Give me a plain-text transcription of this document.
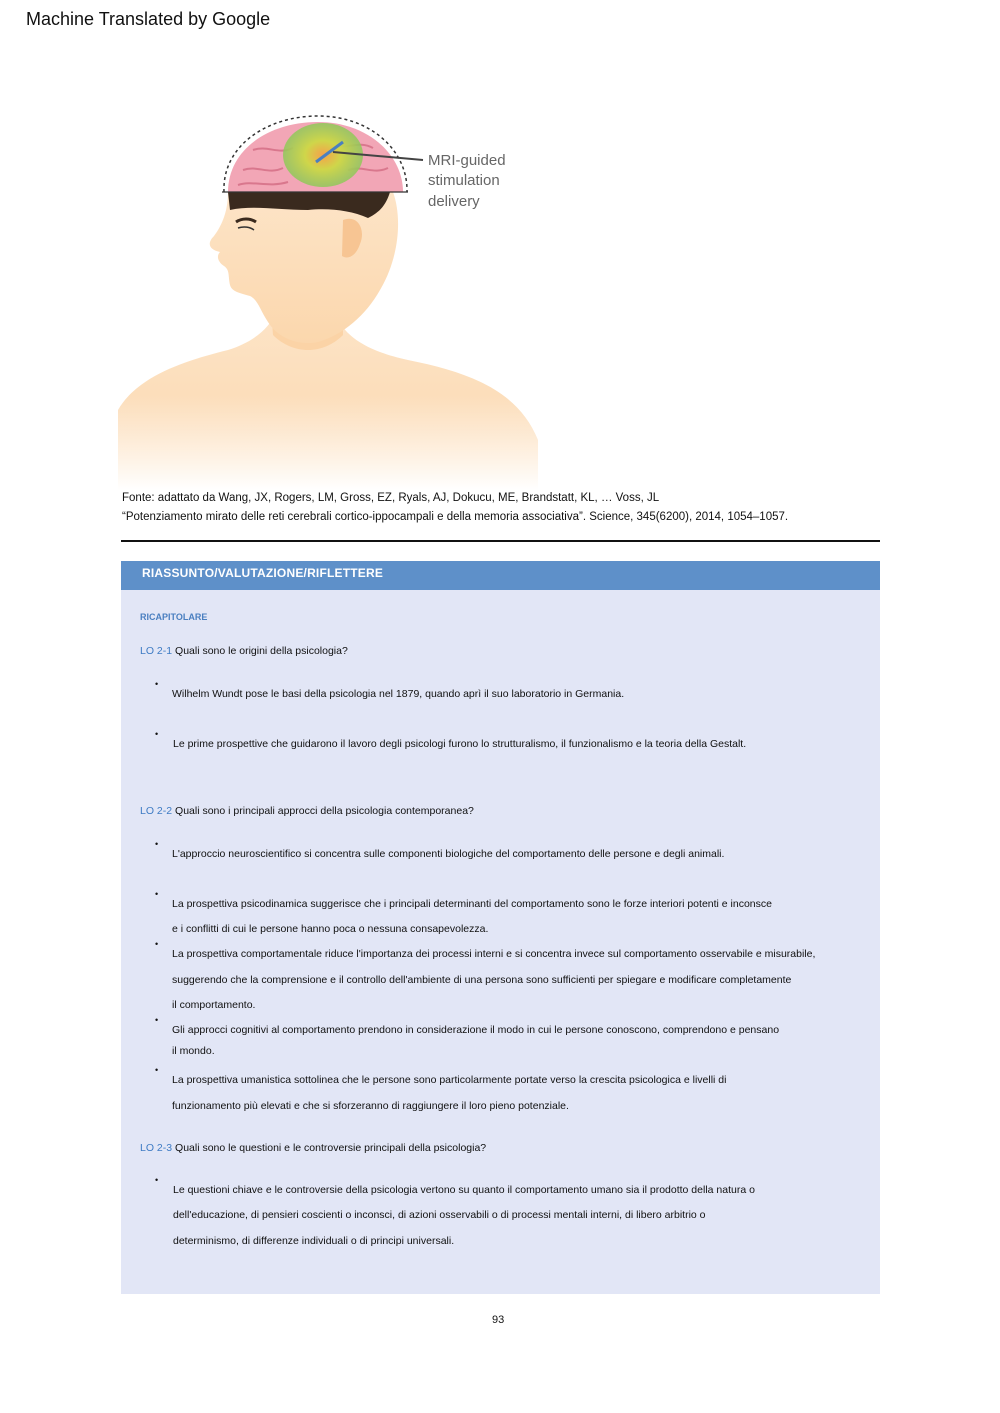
Machine Translated by Google
Fonte: adattato da Wang, JX, Rogers, LM, Gross, EZ, Ryals, AJ, Dokucu, ME, Brandstatt, KL, … Voss, JL
“Potenziamento mirato delle reti cerebrali cortico-ippocampali e della memoria associativa”. Science, 345(6200), 2014, 1054–1057.
RIASSUNTO/VALUTAZIONE/RIFLETTERE
RICAPITOLARE
LO 2-1 Quali sono le origini della psicologia?
•
Wilhelm Wundt pose le basi della psicologia nel 1879, quando aprì il suo laboratorio in Germania.
•
Le prime prospettive che guidarono il lavoro degli psicologi furono lo strutturalismo, il funzionalismo e la teoria della Gestalt.
LO 2-2 Quali sono i principali approcci della psicologia contemporanea?
•
L'approccio neuroscientifico si concentra sulle componenti biologiche del comportamento delle persone e degli animali.
•
La prospettiva psicodinamica suggerisce che i principali determinanti del comportamento sono le forze interiori potenti e inconsce
e i conflitti di cui le persone hanno poca o nessuna consapevolezza.
•
La prospettiva comportamentale riduce l'importanza dei processi interni e si concentra invece sul comportamento osservabile e misurabile,
suggerendo che la comprensione e il controllo dell'ambiente di una persona sono sufficienti per spiegare e modificare completamente
il comportamento.
•
Gli approcci cognitivi al comportamento prendono in considerazione il modo in cui le persone conoscono, comprendono e pensano
il mondo.
•
La prospettiva umanistica sottolinea che le persone sono particolarmente portate verso la crescita psicologica e livelli di
funzionamento più elevati e che si sforzeranno di raggiungere il loro pieno potenziale.
LO 2-3 Quali sono le questioni e le controversie principali della psicologia?
•
Le questioni chiave e le controversie della psicologia vertono su quanto il comportamento umano sia il prodotto della natura o
dell'educazione, di pensieri coscienti o inconsci, di azioni osservabili o di processi mentali interni, di libero arbitrio o
determinismo, di differenze individuali o di principi universali.
93
